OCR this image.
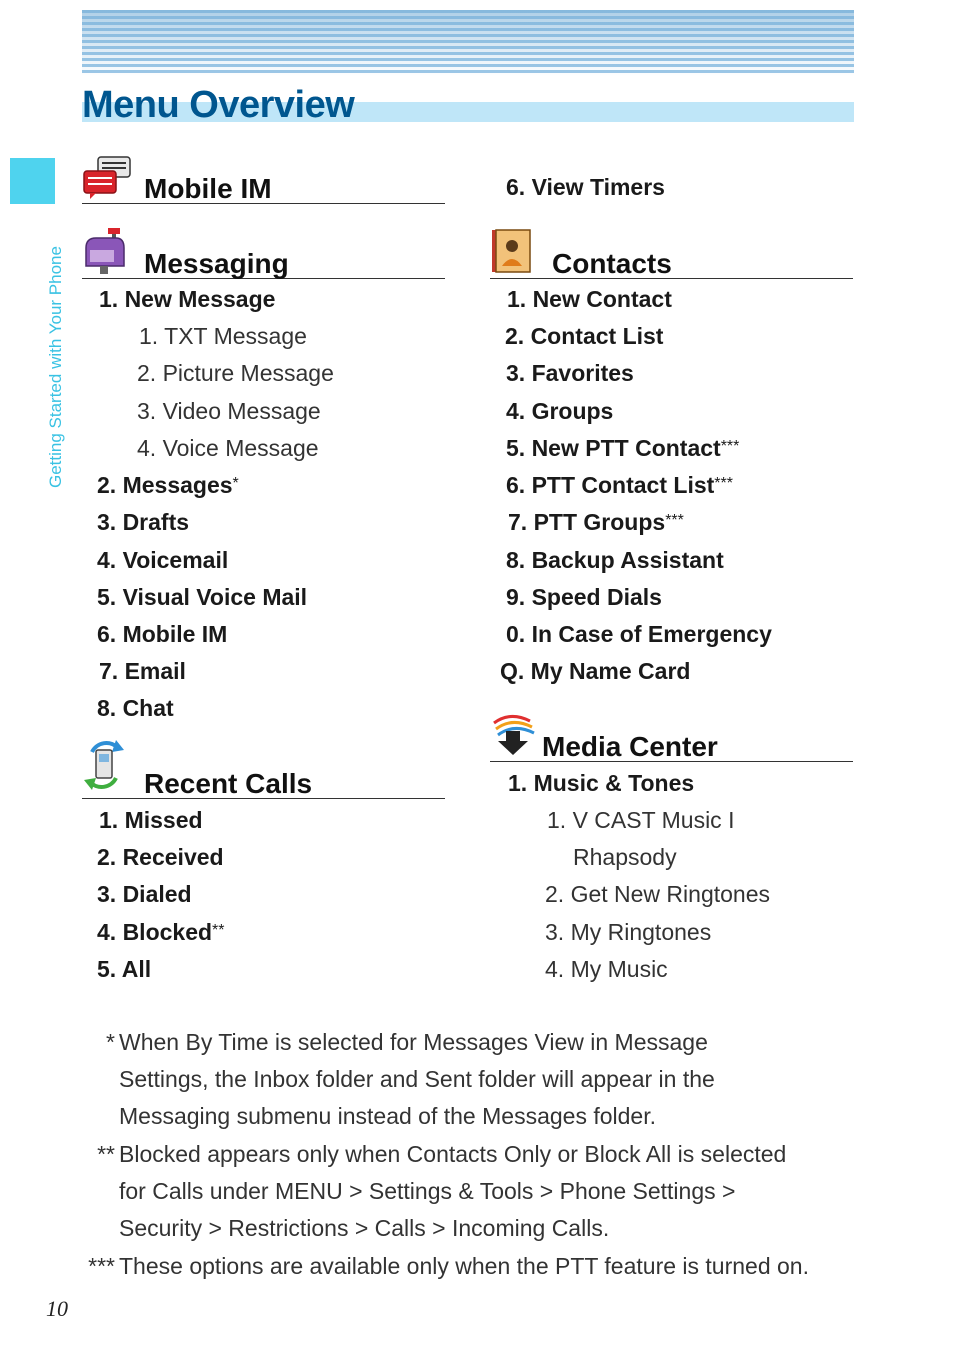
Menu Overview
Getting Started with Your Phone
Mobile IM
Messaging
1. New Message
1. TXT Message
2. Picture Message
3. Video Message
4. Voice Message
2. Messages*
3. Drafts
4. Voicemail
5. Visual Voice Mail
6. Mobile IM
7. Email
8. Chat
Recent Calls
1. Missed
2. Received
3. Dialed
4. Blocked**
5. All
6. View Timers
Contacts
1. New Contact
2. Contact List
3. Favorites
4. Groups
5. New PTT Contact***
6. PTT Contact List***
7. PTT Groups***
8. Backup Assistant
9. Speed Dials
0. In Case of Emergency
Q. My Name Card
Media Center
1. Music & Tones
1. V CAST Music I
Rhapsody
2. Get New Ringtones
3. My Ringtones
4. My Music
* When By Time is selected for Messages View in Message
Settings, the Inbox folder and Sent folder will appear in the
Messaging submenu instead of the Messages folder.
** Blocked appears only when Contacts Only or Block All is selected
for Calls under MENU > Settings & Tools > Phone Settings >
Security > Restrictions > Calls > Incoming Calls.
*** These options are available only when the PTT feature is turned on.
10
